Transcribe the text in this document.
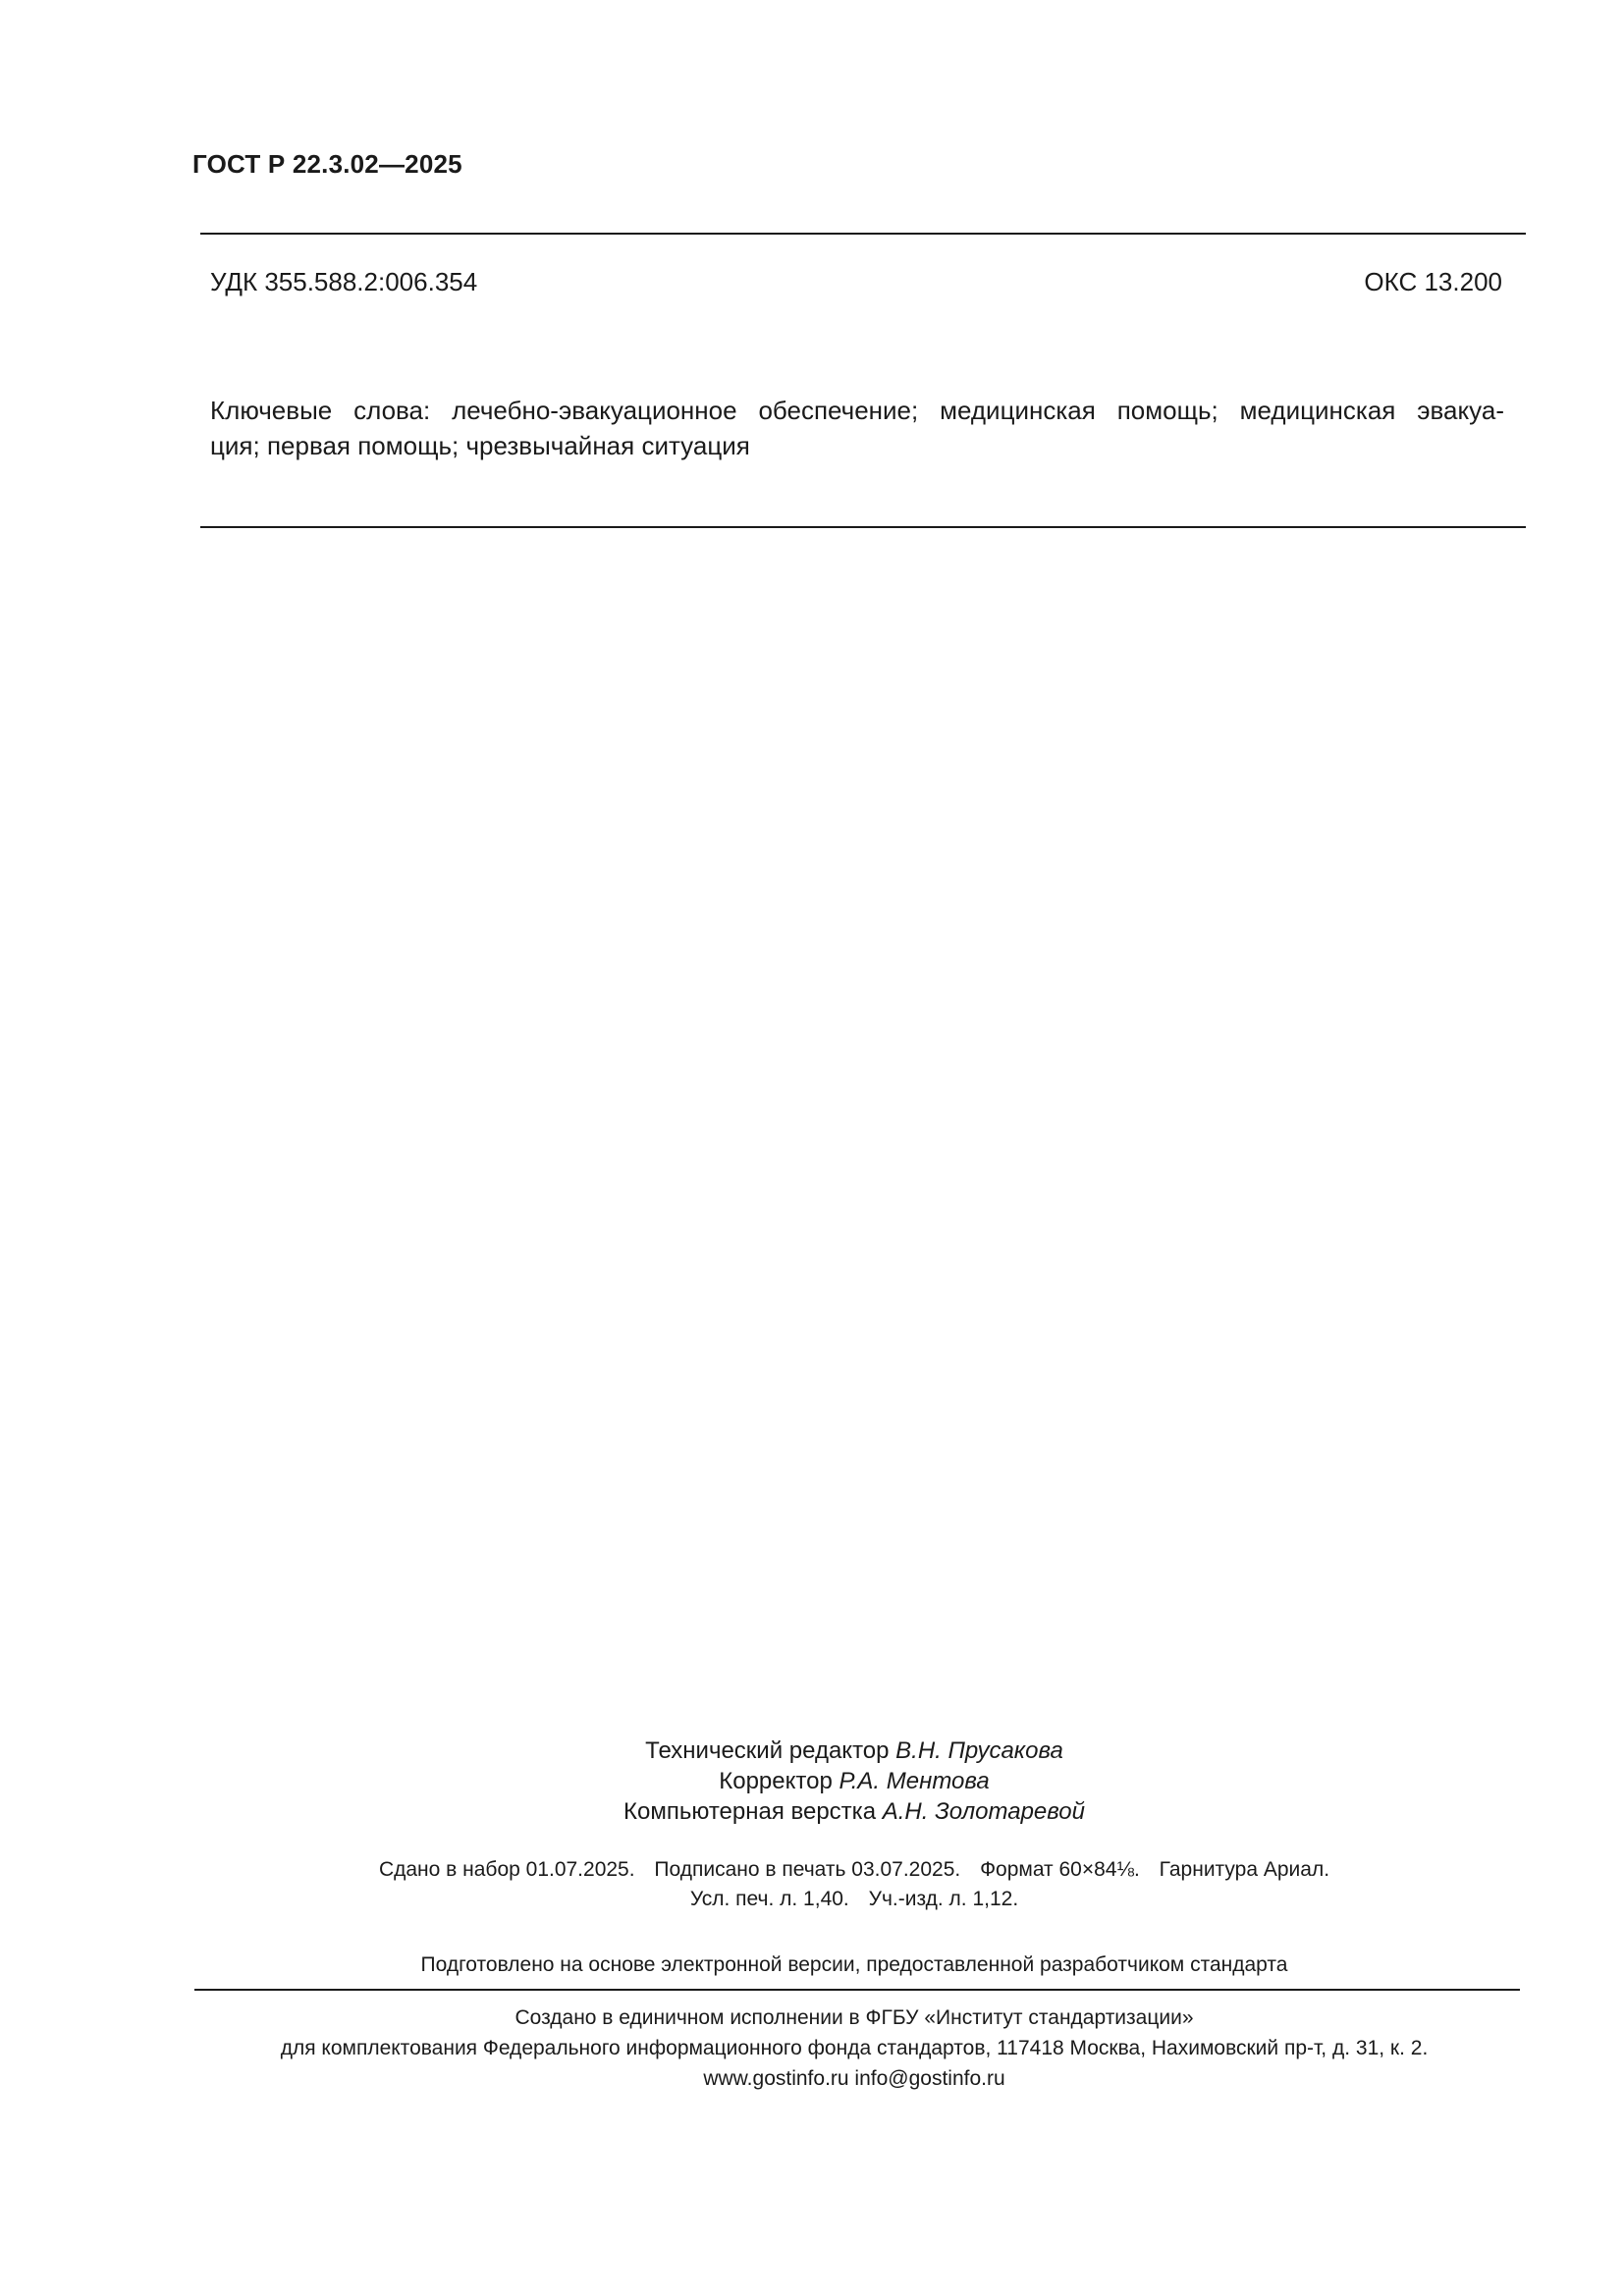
ГОСТ Р 22.3.02—2025
УДК 355.588.2:006.354	ОКС 13.200
Ключевые слова: лечебно-эвакуационное обеспечение; медицинская помощь; медицинская эвакуа-
ция; первая помощь; чрезвычайная ситуация
Технический редактор В.Н. Прусакова
Корректор Р.А. Ментова
Компьютерная верстка А.Н. Золотаревой
Сдано в набор 01.07.2025. Подписано в печать 03.07.2025. Формат 60×84⅛. Гарнитура Ариал.
Усл. печ. л. 1,40. Уч.-изд. л. 1,12.
Подготовлено на основе электронной версии, предоставленной разработчиком стандарта
Создано в единичном исполнении в ФГБУ «Институт стандартизации»
для комплектования Федерального информационного фонда стандартов, 117418 Москва, Нахимовский пр-т, д. 31, к. 2.
www.gostinfo.ru info@gostinfo.ru
